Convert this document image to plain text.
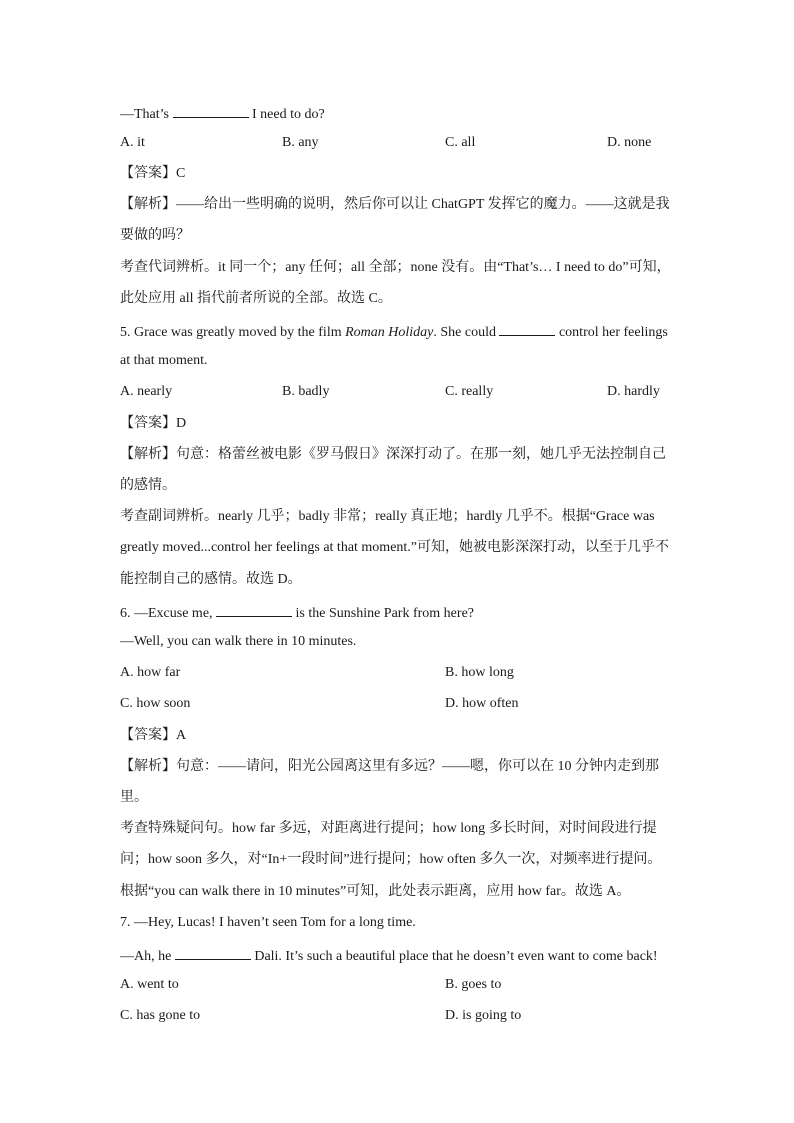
—That’s	I need to do?
A. it	B. any	C. all	D. none
【答案】C
【解析】——给出一些明确的说明，然后你可以让 ChatGPT 发挥它的魔力。——这就是我
要做的吗？
考查代词辨析。it 同一个；any 任何；all 全部；none 没有。由“That’s… I need to do”可知，
此处应用 all 指代前者所说的全部。故选 C。
5. Grace was greatly moved by the film Roman Holiday. She could	control her feelings
at that moment.
A. nearly	B. badly	C. really	D. hardly
【答案】D
【解析】句意：格蕾丝被电影《罗马假日》深深打动了。在那一刻，她几乎无法控制自己
的感情。
考查副词辨析。nearly 几乎；badly 非常；really 真正地；hardly 几乎不。根据“Grace was
greatly moved...control her feelings at that moment.”可知，她被电影深深打动，以至于几乎不
能控制自己的感情。故选 D。
6. —Excuse me,	is the Sunshine Park from here?
—Well, you can walk there in 10 minutes.
A. how far	B. how long
C. how soon	D. how often
【答案】A
【解析】句意：——请问，阳光公园离这里有多远？——嗯，你可以在 10 分钟内走到那
里。
考查特殊疑问句。how far 多远，对距离进行提问；how long 多长时间，对时间段进行提
问；how soon 多久，对“In+一段时间”进行提问；how often 多久一次，对频率进行提问。
根据“you can walk there in 10 minutes”可知，此处表示距离，应用 how far。故选 A。
7. —Hey, Lucas! I haven’t seen Tom for a long time.
—Ah, he	Dali. It’s such a beautiful place that he doesn’t even want to come back!
A. went to	B. goes to
C. has gone to	D. is going to
